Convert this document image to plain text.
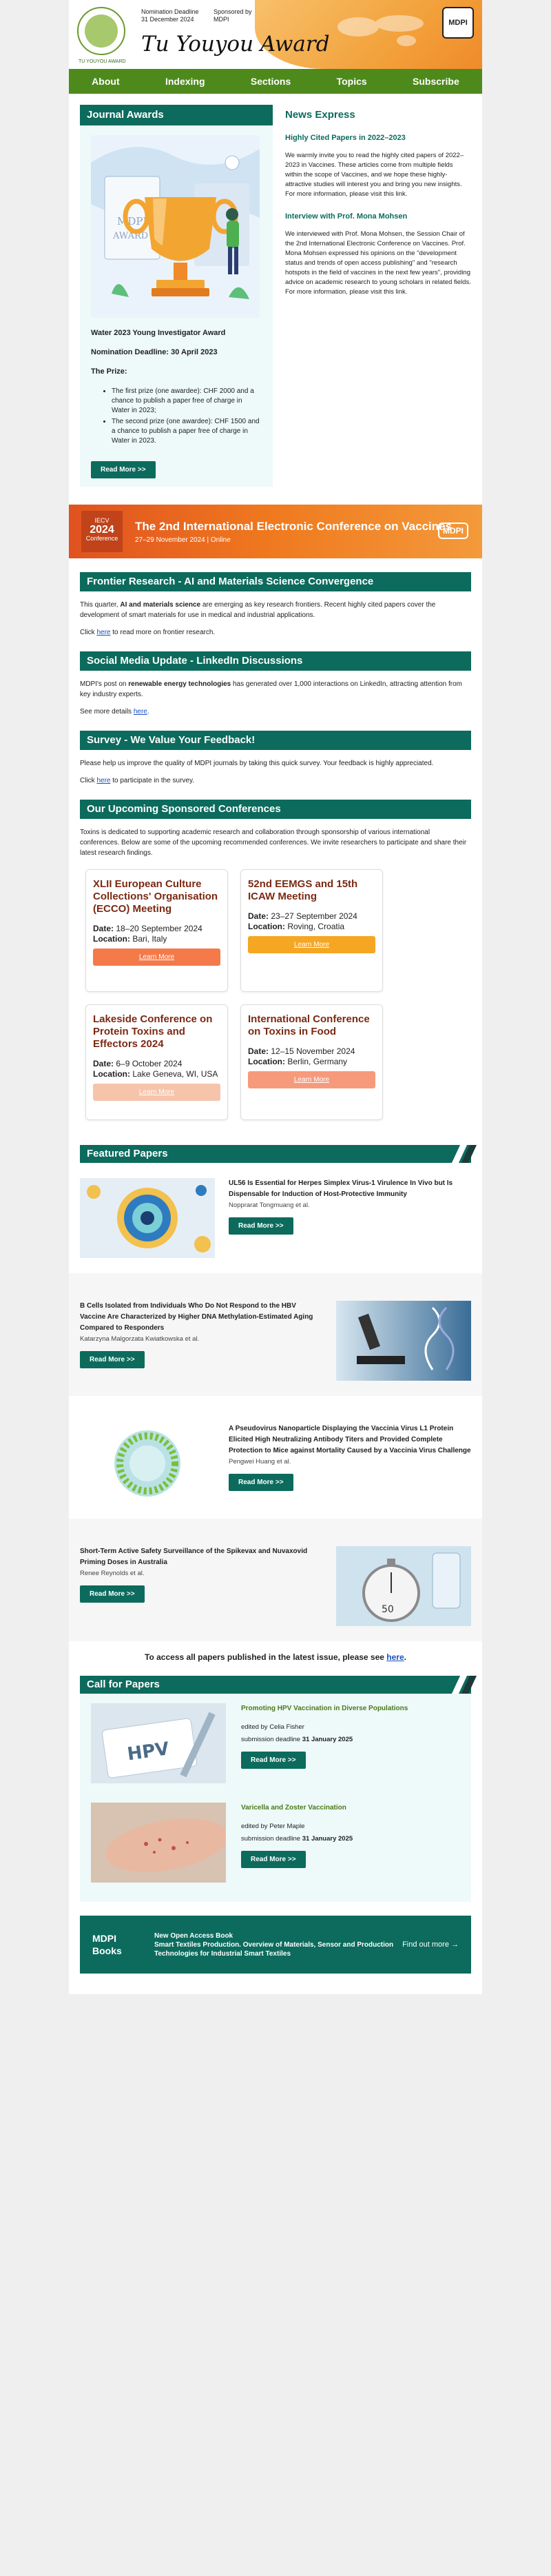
TU YOUYOU AWARD
Nomination Deadline
31 December 2024
Sponsored by
MDPI
Tu Youyou Award
MDPI
About	Indexing	Sections	Topics	Subscribe
Journal Awards
MDPI
AWARD

Water 2023 Young Investigator Award

Nomination Deadline: 30 April 2023

The Prize:

• The first prize (one awardee): CHF 2000 and a chance to publish a paper free of charge in Water in 2023;
• The second prize (one awardee): CHF 1500 and a chance to publish a paper free of charge in Water in 2023.
Read More >>
News Express
Highly Cited Papers in 2022–2023

We warmly invite you to read the highly cited papers of 2022–2023 in Vaccines. These articles come from multiple fields within the scope of Vaccines, and we hope these highly-attractive studies will interest you and bring you new insights. For more information, please visit this link.

Interview with Prof. Mona Mohsen

We interviewed with Prof. Mona Mohsen, the Session Chair of the 2nd International Electronic Conference on Vaccines. Prof. Mona Mohsen expressed his opinions on the "development status and trends of open access publishing" and "research hotspots in the field of vaccines in the next few years", providing advice on academic research to young scholars in related fields. For more information, please visit this link.

IECV
2024
Conference
The 2nd International Electronic Conference on Vaccines
27–29 November 2024 | Online
MDPI
Frontier Research - AI and Materials Science Convergence

This quarter, AI and materials science are emerging as key research frontiers. Recent highly cited papers cover the development of smart materials for use in medical and industrial applications.

Click here to read more on frontier research.

Social Media Update - LinkedIn Discussions

MDPI's post on renewable energy technologies has generated over 1,000 interactions on LinkedIn, attracting attention from key industry experts.

See more details here.

Survey - We Value Your Feedback!

Please help us improve the quality of MDPI journals by taking this quick survey. Your feedback is highly appreciated.

Click here to participate in the survey.

Our Upcoming Sponsored Conferences

Toxins is dedicated to supporting academic research and collaboration through sponsorship of various international conferences. Below are some of the upcoming recommended conferences. We invite researchers to participate and share their latest research findings.

XLII European Culture Collections' Organisation (ECCO) Meeting
Date: 18–20 September 2024
Location: Bari, Italy
Learn More
52nd EEMGS and 15th ICAW Meeting
Date: 23–27 September 2024
Location: Roving, Croatia
Learn More
Lakeside Conference on Protein Toxins and Effectors 2024
Date: 6–9 October 2024
Location: Lake Geneva, WI, USA
Learn More
International Conference on Toxins in Food
Date: 12–15 November 2024
Location: Berlin, Germany
Learn More
Featured Papers
UL56 Is Essential for Herpes Simplex Virus-1 Virulence In Vivo but Is Dispensable for Induction of Host-Protective Immunity
Nopprarat Tongmuang et al.
Read More >>
B Cells Isolated from Individuals Who Do Not Respond to the HBV Vaccine Are Characterized by Higher DNA Methylation-Estimated Aging Compared to Responders
Katarzyna Malgorzata Kwiatkowska et al.
Read More >>
A Pseudovirus Nanoparticle Displaying the Vaccinia Virus L1 Protein Elicited High Neutralizing Antibody Titers and Provided Complete Protection to Mice against Mortality Caused by a Vaccinia Virus Challenge
Pengwei Huang et al.
Read More >>
Short-Term Active Safety Surveillance of the Spikevax and Nuvaxovid Priming Doses in Australia
Renee Reynolds et al.
Read More >>
50
To access all papers published in the latest issue, please see here.
Call for Papers
HPV
Promoting HPV Vaccination in Diverse Populations
edited by Celia Fisher
submission deadline 31 January 2025
Read More >>
Varicella and Zoster Vaccination
edited by Peter Maple
submission deadline 31 January 2025
Read More >>
MDPI
Books
New Open Access Book
Smart Textiles Production. Overview of Materials, Sensor and Production Technologies for Industrial Smart Textiles
Find out more →
